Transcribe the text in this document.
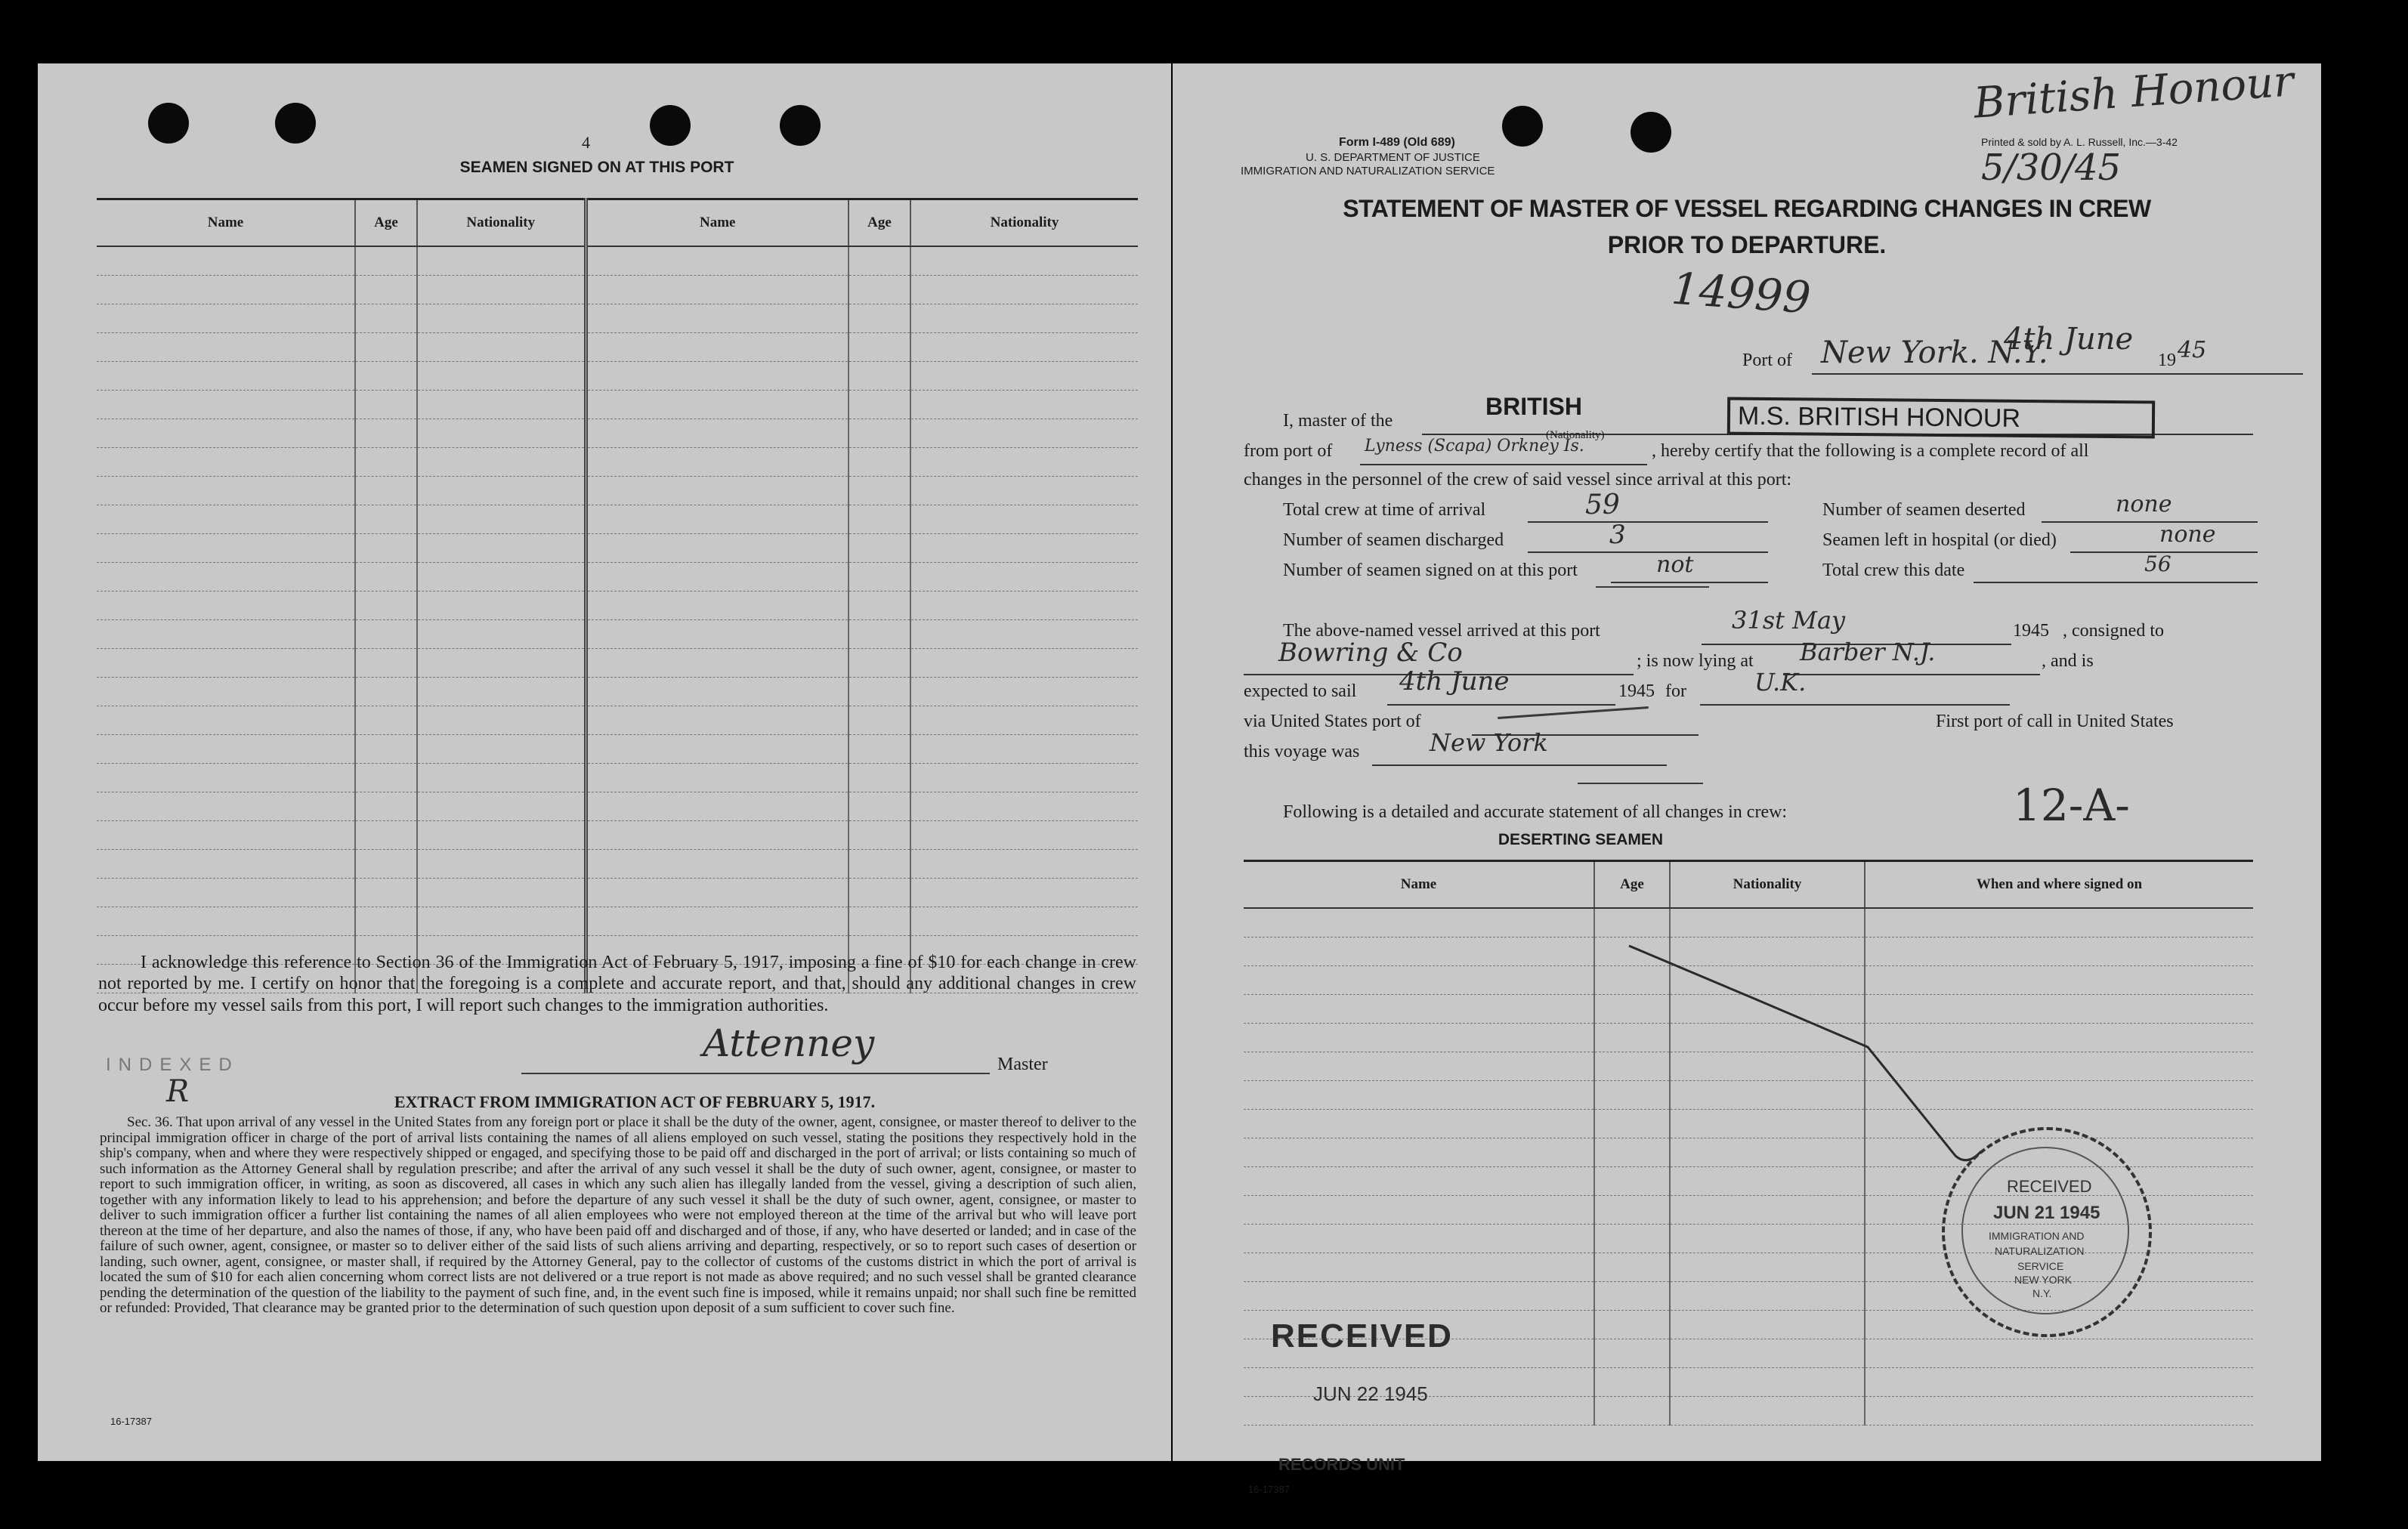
4
SEAMEN SIGNED ON AT THIS PORT
Name	Age	Nationality	Name	Age	Nationality

I acknowledge this reference to Section 36 of the Immigration Act of February 5, 1917, imposing a fine of $10 for each change in crew not reported by me. I certify on honor that the foregoing is a complete and accurate report, and that, should any additional changes in crew occur before my vessel sails from this port, I will report such changes to the immigration authorities.
Attenney	Master
INDEXED
R	EXTRACT FROM IMMIGRATION ACT OF FEBRUARY 5, 1917.
Sec. 36. That upon arrival of any vessel in the United States from any foreign port or place it shall be the duty of the owner, agent, consignee, or master thereof to deliver to the principal immigration officer in charge of the port of arrival lists containing the names of all aliens employed on such vessel, stating the positions they respectively hold in the ship's company, when and where they were respectively shipped or engaged, and specifying those to be paid off and discharged in the port of arrival; or lists containing so much of such information as the Attorney General shall by regulation prescribe; and after the arrival of any such vessel it shall be the duty of such owner, agent, consignee, or master to report to such immigration officer, in writing, as soon as discovered, all cases in which any such alien has illegally landed from the vessel, giving a description of such alien, together with any information likely to lead to his apprehension; and before the departure of any such vessel it shall be the duty of such owner, agent, consignee, or master to deliver to such immigration officer a further list containing the names of all alien employees who were not employed thereon at the time of the arrival but who will leave port thereon at the time of her departure, and also the names of those, if any, who have been paid off and discharged and of those, if any, who have deserted or landed; and in case of the failure of such owner, agent, consignee, or master so to deliver either of the said lists of such aliens arriving and departing, respectively, or so to report such cases of desertion or landing, such owner, agent, consignee, or master shall, if required by the Attorney General, pay to the collector of customs of the customs district in which the port of arrival is located the sum of $10 for each alien concerning whom correct lists are not delivered or a true report is not made as above required; and no such vessel shall be granted clearance pending the determination of the question of the liability to the payment of such fine, and, in the event such fine is imposed, while it remains unpaid; nor shall such fine be remitted or refunded: Provided, That clearance may be granted prior to the determination of such question upon deposit of a sum sufficient to cover such fine.
16-17387
Form I-489 (Old 689)
U. S. DEPARTMENT OF JUSTICE
IMMIGRATION AND NATURALIZATION SERVICE
Printed & sold by A. L. Russell, Inc.—3-42
British Honour
5/30/45
STATEMENT OF MASTER OF VESSEL REGARDING CHANGES IN CREW
PRIOR TO DEPARTURE.
14999
Port of New York. N.Y.
4th June
19 45
I, master of the
BRITISH
(Nationality)
M.S. BRITISH HONOUR
from port of Lyness (Scapa) Orkney Is.	, hereby certify that the following is a complete record of all
changes in the personnel of the crew of said vessel since arrival at this port:
Total crew at time of arrival	59	Number of seamen deserted	none
Number of seamen discharged	3	Seamen left in hospital (or died)	none
Number of seamen signed on at this port	not	Total crew this date	56
The above-named vessel arrived at this port	31st May	1945 , consigned to
Bowring & Co	; is now lying at Barber N.J.	, and is
expected to sail 4th June	1945 for	U.K.
via United States port of	First port of call in United States
this voyage was	New York
Following is a detailed and accurate statement of all changes in crew:	12-A-
DESERTING SEAMEN
Name	Age	Nationality	When and where signed on

RECEIVED
JUN 21 1945
IMMIGRATION AND
NATURALIZATION
SERVICE
NEW YORK
N.Y.
RECEIVED
JUN 22 1945
RECORDS UNIT
16-17387
